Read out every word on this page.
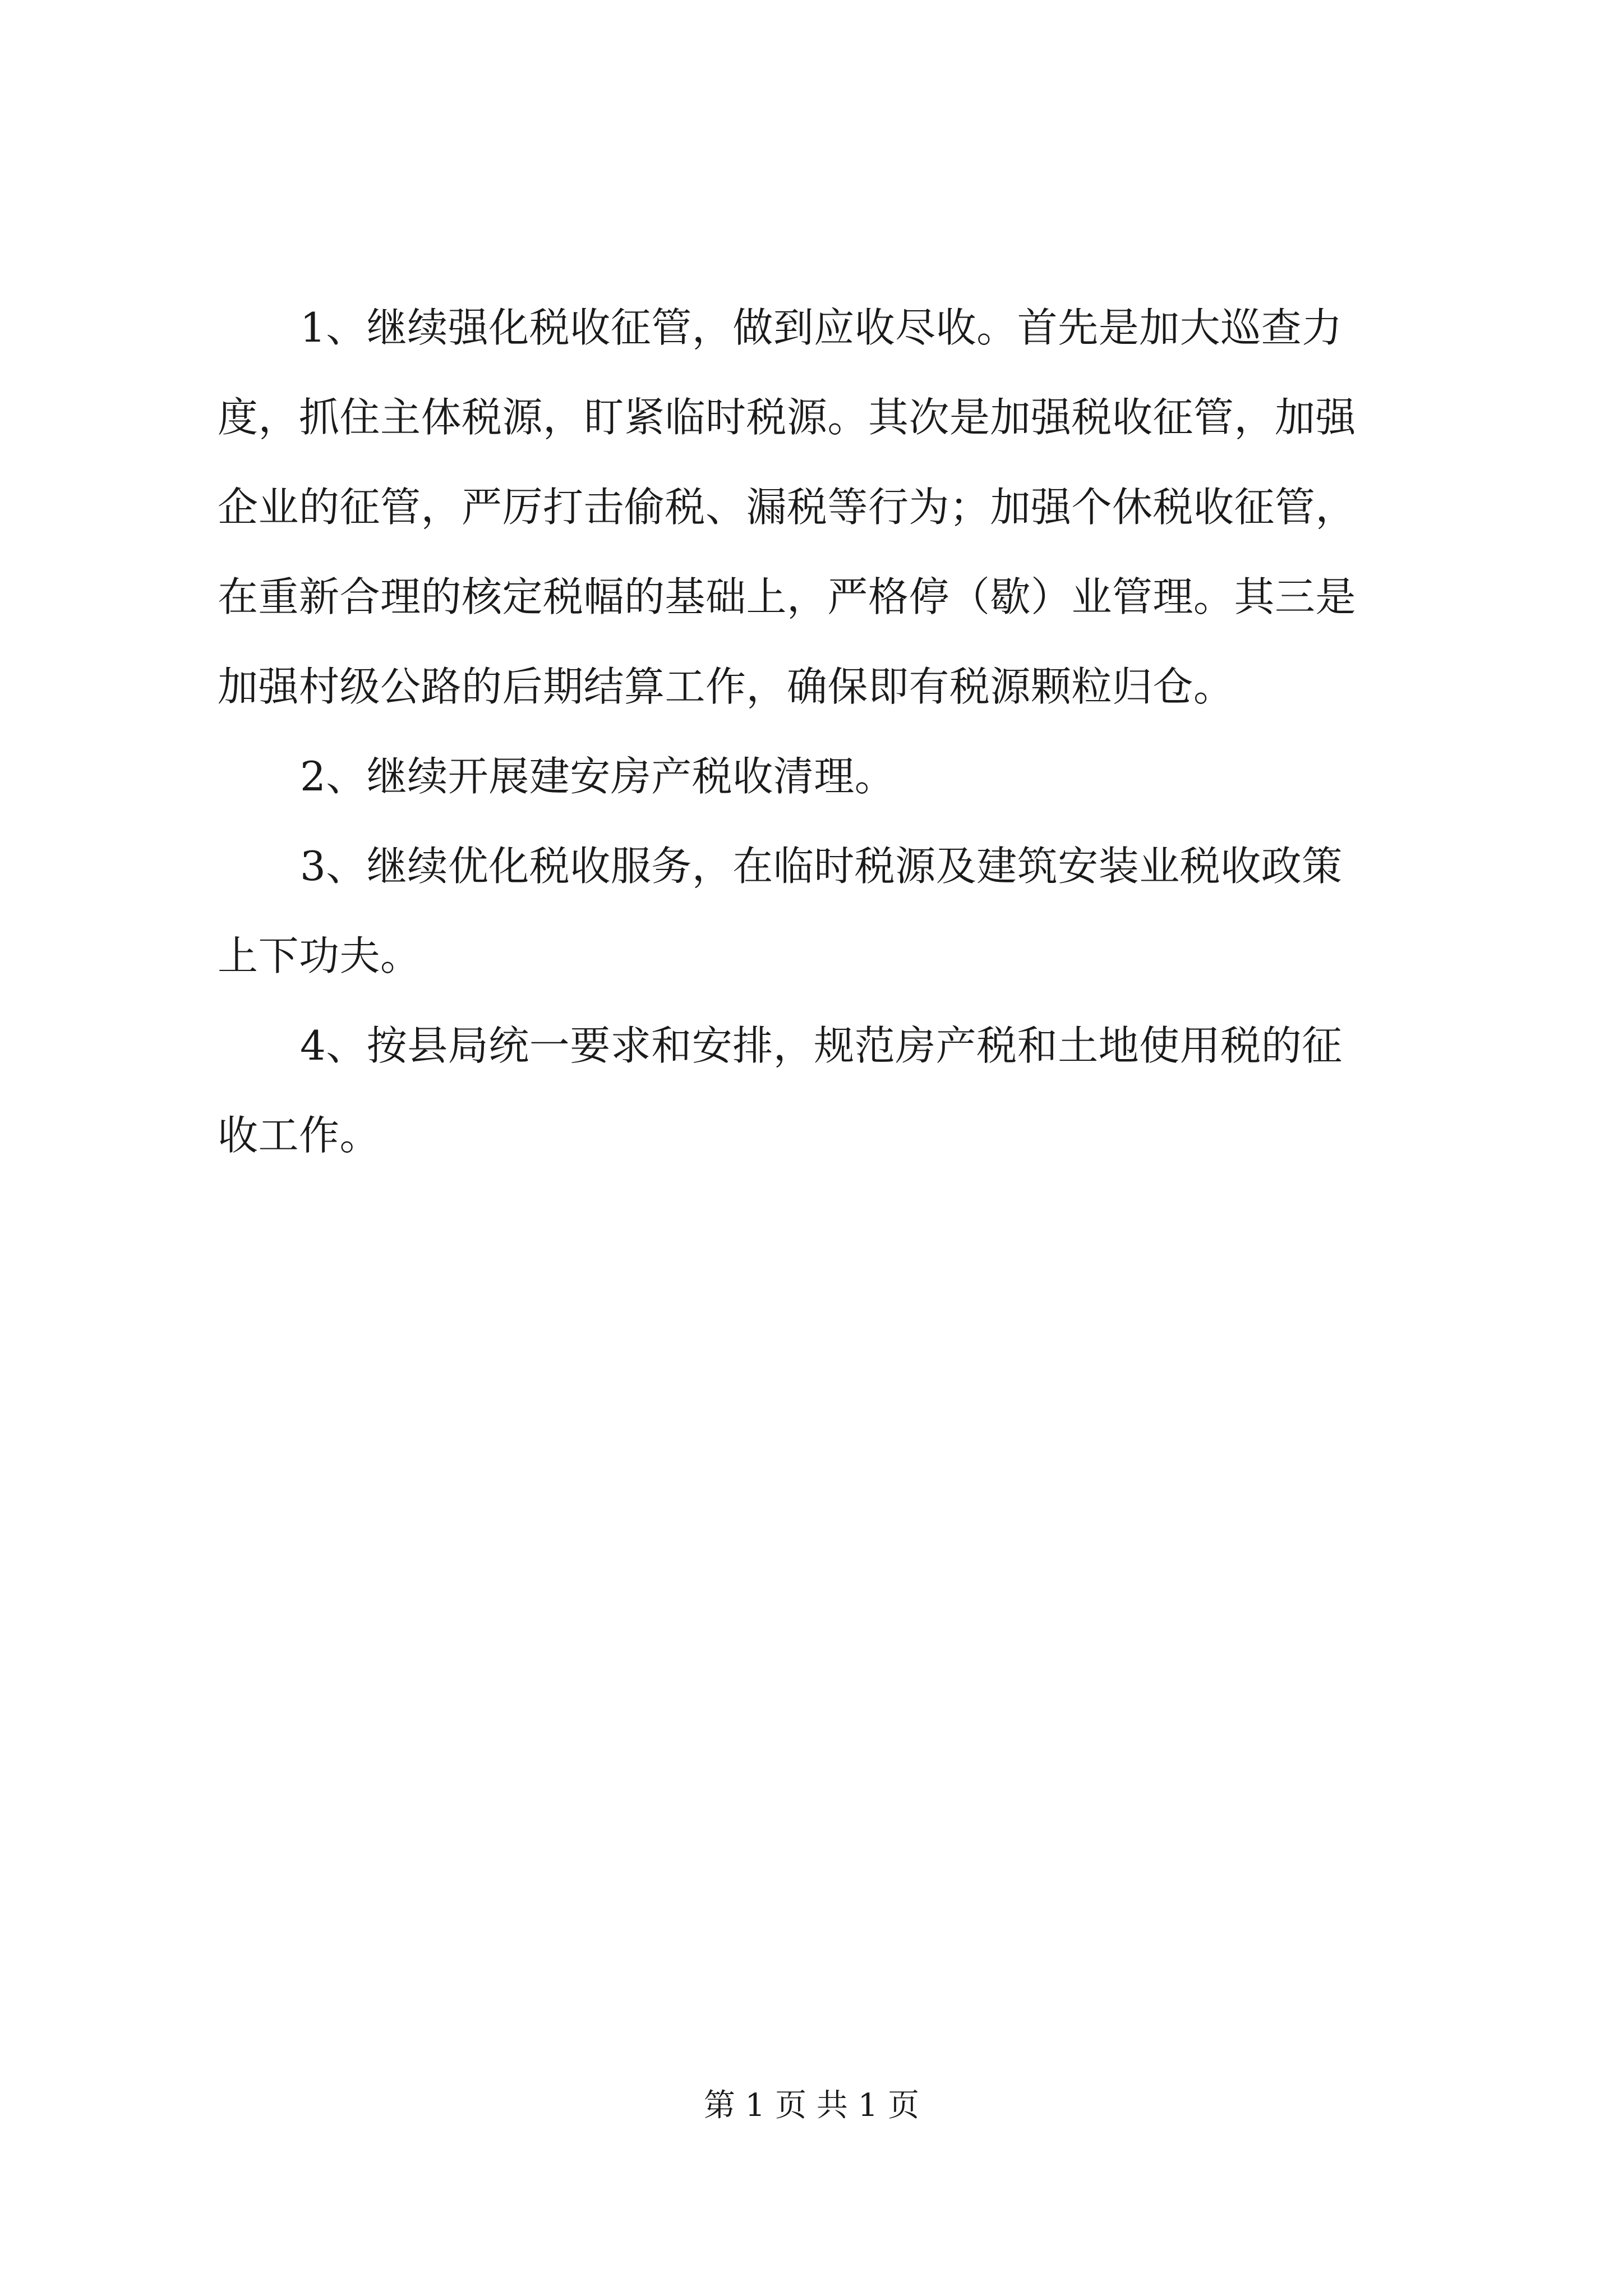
1、继续强化税收征管，做到应收尽收。首先是加大巡查力
度，抓住主体税源，盯紧临时税源。其次是加强税收征管，加强
企业的征管，严厉打击偷税、漏税等行为；加强个休税收征管，
在重新合理的核定税幅的基础上，严格停（歇）业管理。其三是
加强村级公路的后期结算工作，确保即有税源颗粒归仓。
2、继续开展建安房产税收清理。
3、继续优化税收服务，在临时税源及建筑安装业税收政策
上下功夫。
4、按县局统一要求和安排，规范房产税和土地使用税的征
收工作。
第 1 页 共 1 页
